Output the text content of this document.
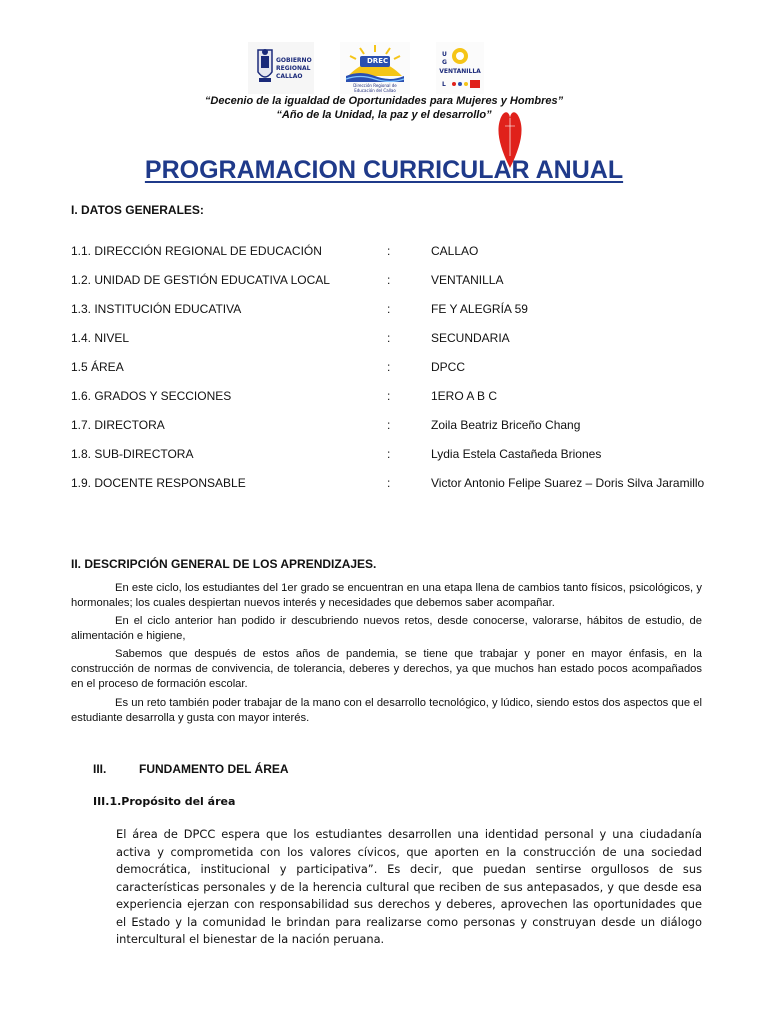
GOBIERNO
REGIONAL
CALLAO
DREC
Dirección Regional de
Educación del Callao
U
G
L
VENTANILLA
“Decenio de la igualdad de Oportunidades para Mujeres y Hombres”
“Año de la Unidad, la paz y el desarrollo”
PROGRAMACION CURRICULAR ANUAL
I. DATOS GENERALES:
1.1. DIRECCIÓN REGIONAL DE EDUCACIÓN	:	CALLAO
1.2. UNIDAD DE GESTIÓN EDUCATIVA LOCAL	:	VENTANILLA
1.3. INSTITUCIÓN EDUCATIVA	:	FE Y ALEGRÍA 59
1.4. NIVEL	:	SECUNDARIA
1.5 ÁREA	:	DPCC
1.6. GRADOS Y SECCIONES	:	1ERO A B C
1.7. DIRECTORA	:	Zoila Beatriz Briceño Chang
1.8. SUB-DIRECTORA	:	Lydia Estela Castañeda Briones
1.9. DOCENTE RESPONSABLE	:	Victor Antonio Felipe Suarez – Doris Silva Jaramillo
II. DESCRIPCIÓN GENERAL DE LOS APRENDIZAJES.
En este ciclo, los estudiantes del 1er grado se encuentran en una etapa llena de cambios tanto físicos, psicológicos, y hormonales; los cuales despiertan nuevos interés y necesidades que debemos saber acompañar.
En el ciclo anterior han podido ir descubriendo nuevos retos, desde conocerse, valorarse, hábitos de estudio, de alimentación e higiene,
Sabemos que después de estos años de pandemia, se tiene que trabajar y poner en mayor énfasis, en la construcción de normas de convivencia, de tolerancia, deberes y derechos, ya que muchos han estado pocos acompañados en el proceso de formación escolar.
Es un reto también poder trabajar de la mano con el desarrollo tecnológico, y lúdico, siendo estos dos aspectos que el estudiante desarrolla y gusta con mayor interés.
III.	FUNDAMENTO DEL ÁREA
III.1.Propósito del área
El área de DPCC espera que los estudiantes desarrollen una identidad personal y una ciudadanía activa y comprometida con los valores cívicos, que aporten en la construcción de una sociedad democrática, institucional y participativa”. Es decir, que puedan sentirse orgullosos de sus características personales y de la herencia cultural que reciben de sus antepasados, y que desde esa experiencia ejerzan con responsabilidad sus derechos y deberes, aprovechen las oportunidades que el Estado y la comunidad le brindan para realizarse como personas y construyan desde un diálogo intercultural el bienestar de la nación peruana.
